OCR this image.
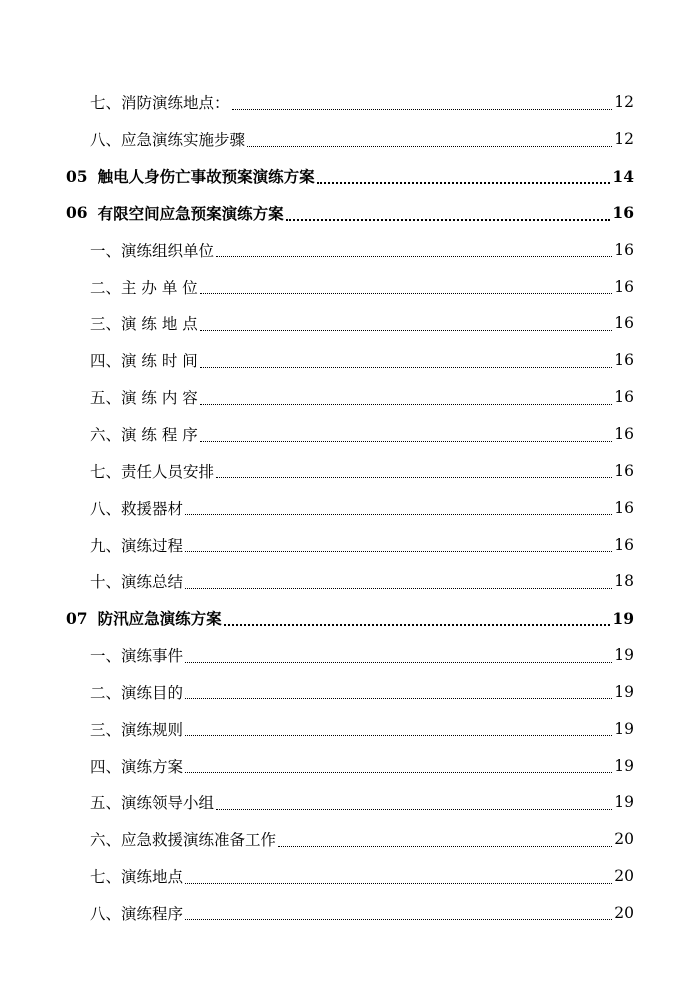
七、消防演练地点：	12
八、应急演练实施步骤	12
05 触电人身伤亡事故预案演练方案	14
06 有限空间应急预案演练方案	16
一、演练组织单位	16
二、主 办 单 位	16
三、演 练 地 点	16
四、演 练 时 间	16
五、演 练 内 容	16
六、演 练 程 序	16
七、责任人员安排	16
八、救援器材	16
九、演练过程	16
十、演练总结	18
07 防汛应急演练方案	19
一、演练事件	19
二、演练目的	19
三、演练规则	19
四、演练方案	19
五、演练领导小组	19
六、应急救援演练准备工作	20
七、演练地点	20
八、演练程序	20
